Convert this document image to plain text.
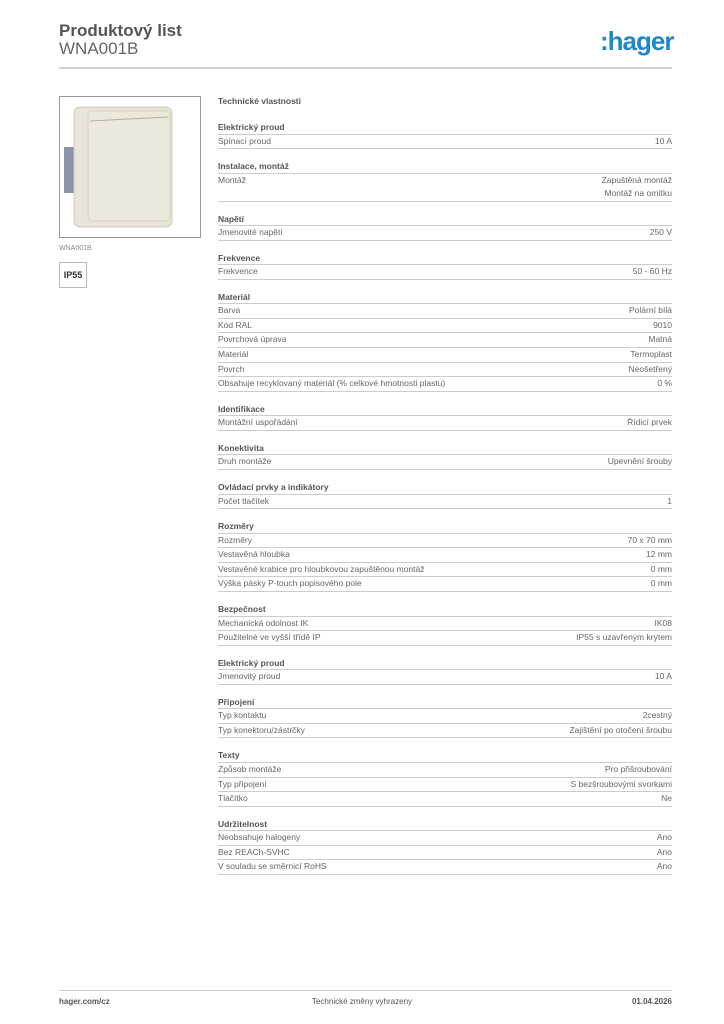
Produktový list
WNA001B	:hager
WNA001B
IP55
Technické vlastnosti
Elektrický proud
Spínací proud	10 A
Instalace, montáž
Montáž	Zapuštěná montáž
Montáž na omítku
Napětí
Jmenovité napětí	250 V
Frekvence
Frekvence	50 - 60 Hz
Materiál
Barva	Polární bílá
Kód RAL	9010
Povrchová úprava	Matná
Materiál	Termoplast
Povrch	Neošetřený
Obsahuje recyklovaný materiál (% celkové hmotnosti plastu)	0 %
Identifikace
Montážní uspořádání	Řídicí prvek
Konektivita
Druh montáže	Upevnění šrouby
Ovládací prvky a indikátory
Počet tlačítek	1
Rozměry
Rozměry	70 x 70 mm
Vestavěná hloubka	12 mm
Vestavěné krabice pro hloubkovou zapuštěnou montáž	0 mm
Výška pásky P-touch popisového pole	0 mm
Bezpečnost
Mechanická odolnost IK	IK08
Použitelné ve vyšší třídě IP	IP55 s uzavřeným krytem
Elektrický proud
Jmenovitý proud	10 A
Připojení
Typ kontaktu	2cestný
Typ konektoru/zástrčky	Zajištění po otočení šroubu
Texty
Způsob montáže	Pro přišroubování
Typ připojení	S bezšroubovými svorkami
Tlačítko	Ne
Udržitelnost
Neobsahuje halogeny	Ano
Bez REACh-SVHC	Ano
V souladu se směrnicí RoHS	Ano
hager.com/cz	Technické změny vyhrazeny	01.04.2026
